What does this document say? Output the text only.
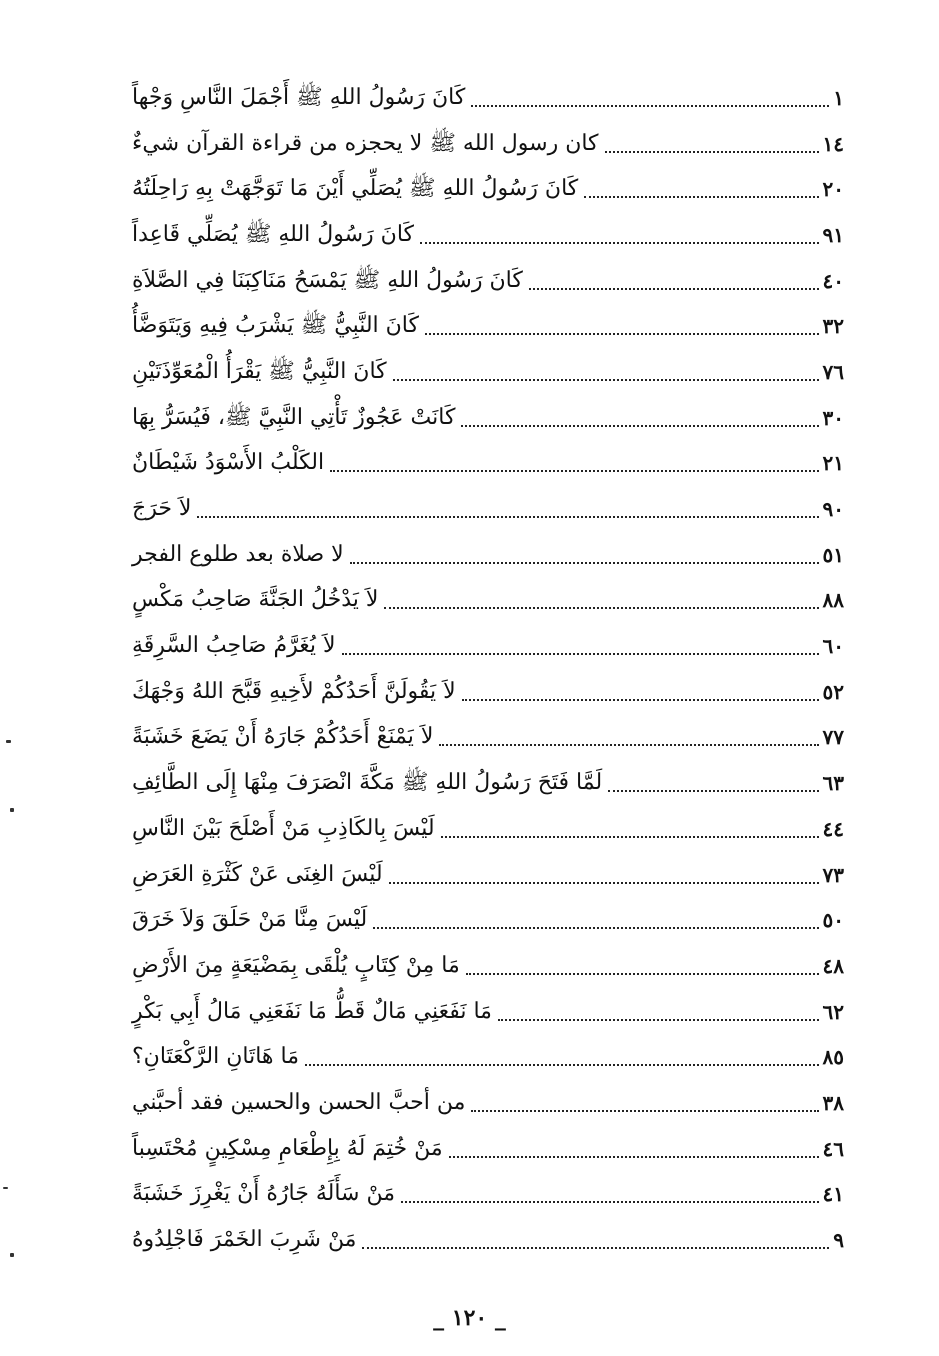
كَانَ رَسُولُ اللهِ ﷺ أَجْمَلَ النَّاسِ وَجْهاً	١
كان رسول الله ﷺ لا يحجزه من قراءة القرآن شيءٌ	١٤
كَانَ رَسُولُ اللهِ ﷺ يُصَلِّي أَيْنَ مَا تَوَجَّهَتْ بِهِ رَاحِلَتُهُ	٢٠
كَانَ رَسُولُ اللهِ ﷺ يُصَلِّي قَاعِداً	٩١
كَانَ رَسُولُ اللهِ ﷺ يَمْسَحُ مَنَاكِبَنَا فِي الصَّلاَةِ	٤٠
كَانَ النَّبِيُّ ﷺ يَشْرَبُ فِيهِ وَيَتَوَضَّأُ	٣٢
كَانَ النَّبِيُّ ﷺ يَقْرَأُ الْمُعَوِّذَتَيْنِ	٧٦
كَانَتْ عَجُوزٌ تَأْتِي النَّبِيَّ ﷺ، فَيُسَرُّ بِهَا	٣٠
الكَلْبُ الأَسْوَدُ شَيْطَانٌ	٢١
لاَ حَرَجَ	٩٠
لا صلاة بعد طلوع الفجر	٥١
لاَ يَدْخُلُ الجَنَّةَ صَاحِبُ مَكْسٍ	٨٨
لاَ يُغَرَّمُ صَاحِبُ السَّرِقَةِ	٦٠
لاَ يَقُولَنَّ أَحَدُكُمْ لأَخِيهِ قَبَّحَ اللهُ وَجْهَكَ	٥٢
لاَ يَمْنَعْ أَحَدُكُمْ جَارَهُ أَنْ يَضَعَ خَشَبَةً	٧٧
لَمَّا فَتَحَ رَسُولُ اللهِ ﷺ مَكَّةَ انْصَرَفَ مِنْهَا إِلَى الطَّائِفِ	٦٣
لَيْسَ بِالكَاذِبِ مَنْ أَصْلَحَ بَيْنَ النَّاسِ	٤٤
لَيْسَ الغِنَى عَنْ كَثْرَةِ العَرَضِ	٧٣
لَيْسَ مِنَّا مَنْ حَلَقَ وَلاَ خَرَقَ	٥٠
مَا مِنْ كِتَابٍ يُلْقَى بِمَضْيَعَةٍ مِنَ الأَرْضِ	٤٨
مَا نَفَعَنِي مَالٌ قَطُّ مَا نَفَعَنِي مَالُ أَبِي بَكْرٍ	٦٢
مَا هَاتَانِ الرَّكْعَتَانِ؟	٨٥
من أحبَّ الحسن والحسين فقد أحبَّني	٣٨
مَنْ خُتِمَ لَهُ بِإِطْعَامِ مِسْكِينٍ مُحْتَسِباً	٤٦
مَنْ سَأَلَهُ جَارُهُ أَنْ يَغْرِزَ خَشَبَةً	٤١
مَنْ شَرِبَ الخَمْرَ فَاجْلِدُوهُ	٩
_ ١٢٠ _
